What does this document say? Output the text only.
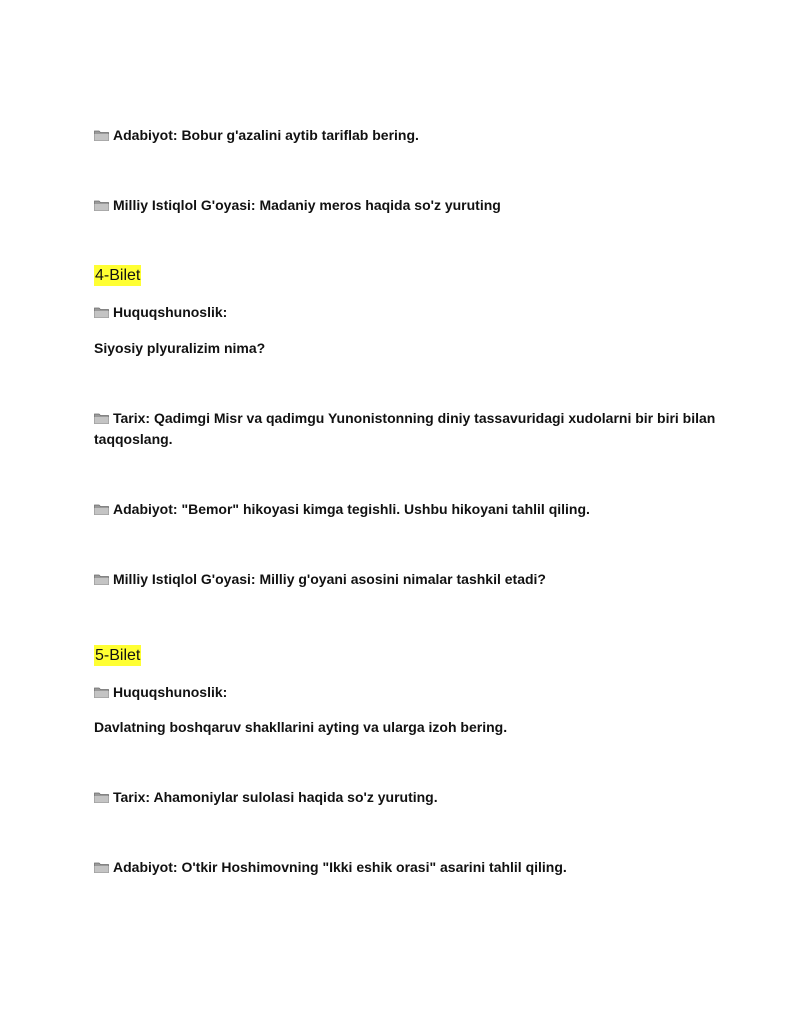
Adabiyot: Bobur g'azalini aytib tariflab bering.
Milliy Istiqlol G'oyasi: Madaniy meros haqida so'z yuruting
4-Bilet
Huquqshunoslik:
Siyosiy plyuralizim nima?
Tarix: Qadimgi Misr va qadimgu Yunonistonning diniy tassavuridagi xudolarni bir biri bilan
taqqoslang.
Adabiyot: "Bemor" hikoyasi kimga tegishli. Ushbu hikoyani tahlil qiling.
Milliy Istiqlol G'oyasi: Milliy g'oyani asosini nimalar tashkil etadi?
5-Bilet
Huquqshunoslik:
Davlatning boshqaruv shakllarini ayting va ularga izoh bering.
Tarix: Ahamoniylar sulolasi haqida so'z yuruting.
Adabiyot: O'tkir Hoshimovning "Ikki eshik orasi" asarini tahlil qiling.
